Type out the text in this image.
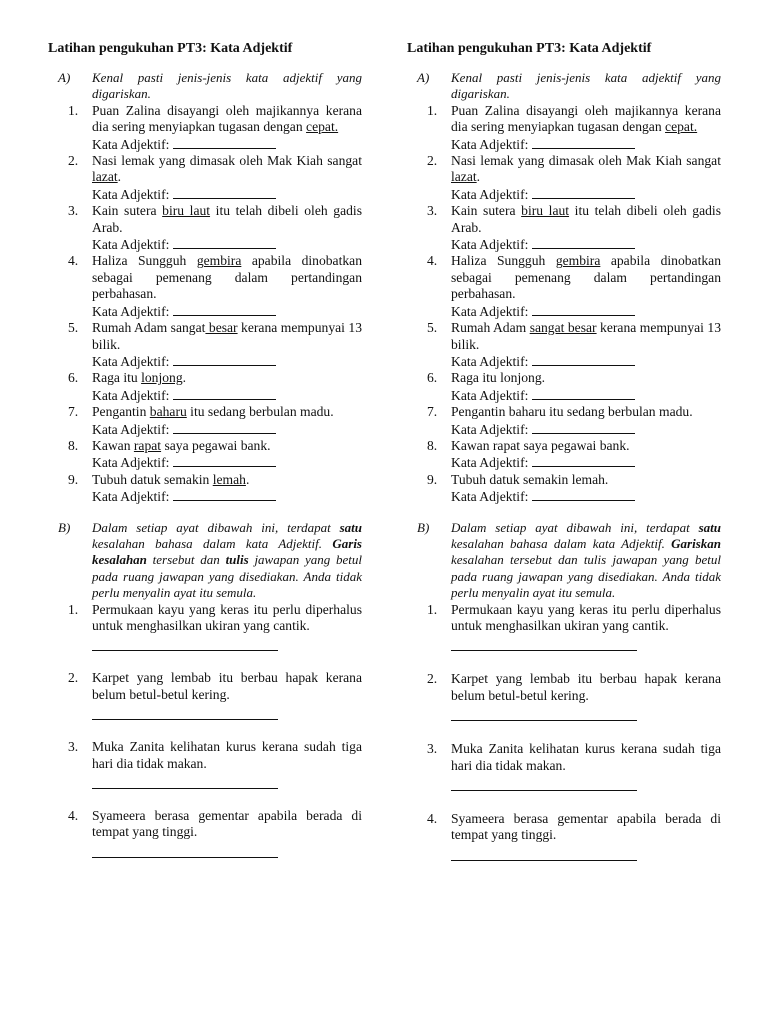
Latihan pengukuhan PT3: Kata Adjektif
A) Kenal pasti jenis-jenis kata adjektif yang digariskan.
1. Puan Zalina disayangi oleh majikannya kerana dia sering menyiapkan tugasan dengan cepat.
Kata Adjektif:
2. Nasi lemak yang dimasak oleh Mak Kiah sangat lazat.
Kata Adjektif:
3. Kain sutera biru laut itu telah dibeli oleh gadis Arab.
Kata Adjektif:
4. Haliza Sungguh gembira apabila dinobatkan sebagai pemenang dalam pertandingan perbahasan.
Kata Adjektif:
5. Rumah Adam sangat besar kerana mempunyai 13 bilik.
Kata Adjektif:
6. Raga itu lonjong.
Kata Adjektif:
7. Pengantin baharu itu sedang berbulan madu.
Kata Adjektif:
8. Kawan rapat saya pegawai bank.
Kata Adjektif:
9. Tubuh datuk semakin lemah.
Kata Adjektif:
B) Dalam setiap ayat dibawah ini, terdapat satu kesalahan bahasa dalam kata Adjektif. Garis kesalahan tersebut dan tulis jawapan yang betul pada ruang jawapan yang disediakan. Anda tidak perlu menyalin ayat itu semula.
1. Permukaan kayu yang keras itu perlu diperhalus untuk menghasilkan ukiran yang cantik.
2. Karpet yang lembab itu berbau hapak kerana belum betul-betul kering.
3. Muka Zanita kelihatan kurus kerana sudah tiga hari dia tidak makan.
4. Syameera berasa gementar apabila berada di tempat yang tinggi.
Latihan pengukuhan PT3: Kata Adjektif
A) Kenal pasti jenis-jenis kata adjektif yang digariskan.
1. Puan Zalina disayangi oleh majikannya kerana dia sering menyiapkan tugasan dengan cepat.
Kata Adjektif:
2. Nasi lemak yang dimasak oleh Mak Kiah sangat lazat.
Kata Adjektif:
3. Kain sutera biru laut itu telah dibeli oleh gadis Arab.
Kata Adjektif:
4. Haliza Sungguh gembira apabila dinobatkan sebagai pemenang dalam pertandingan perbahasan.
Kata Adjektif:
5. Rumah Adam sangat besar kerana mempunyai 13 bilik.
Kata Adjektif:
6. Raga itu lonjong.
Kata Adjektif:
7. Pengantin baharu itu sedang berbulan madu.
Kata Adjektif:
8. Kawan rapat saya pegawai bank.
Kata Adjektif:
9. Tubuh datuk semakin lemah.
Kata Adjektif:
B) Dalam setiap ayat dibawah ini, terdapat satu kesalahan bahasa dalam kata Adjektif. Gariskan kesalahan tersebut dan tulis jawapan yang betul pada ruang jawapan yang disediakan. Anda tidak perlu menyalin ayat itu semula.
1. Permukaan kayu yang keras itu perlu diperhalus untuk menghasilkan ukiran yang cantik.
2. Karpet yang lembab itu berbau hapak kerana belum betul-betul kering.
3. Muka Zanita kelihatan kurus kerana sudah tiga hari dia tidak makan.
4. Syameera berasa gementar apabila berada di tempat yang tinggi.
